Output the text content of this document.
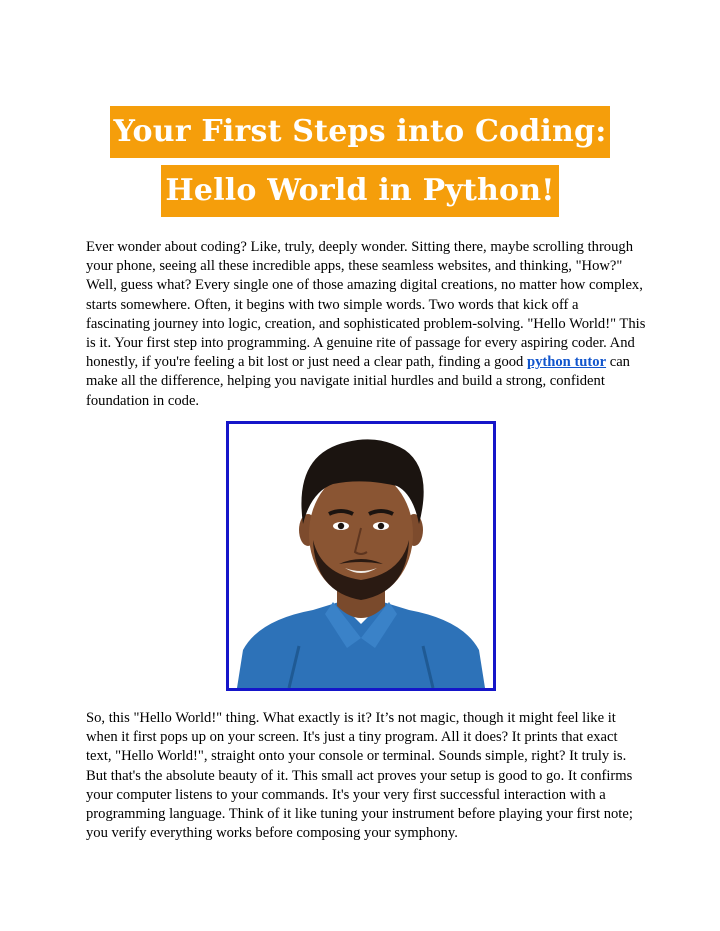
Your First Steps into Coding:
Hello World in Python!

Ever wonder about coding? Like, truly, deeply wonder. Sitting there, maybe scrolling through your phone, seeing all these incredible apps, these seamless websites, and thinking, "How?" Well, guess what? Every single one of those amazing digital creations, no matter how complex, starts somewhere. Often, it begins with two simple words. Two words that kick off a fascinating journey into logic, creation, and sophisticated problem-solving. "Hello World!" This is it. Your first step into programming. A genuine rite of passage for every aspiring coder. And honestly, if you're feeling a bit lost or just need a clear path, finding a good python tutor can make all the difference, helping you navigate initial hurdles and build a strong, confident foundation in code.

So, this "Hello World!" thing. What exactly is it? It’s not magic, though it might feel like it when it first pops up on your screen. It's just a tiny program. All it does? It prints that exact text, "Hello World!", straight onto your console or terminal. Sounds simple, right? It truly is. But that's the absolute beauty of it. This small act proves your setup is good to go. It confirms your computer listens to your commands. It's your very first successful interaction with a programming language. Think of it like tuning your instrument before playing your first note; you verify everything works before composing your symphony.
